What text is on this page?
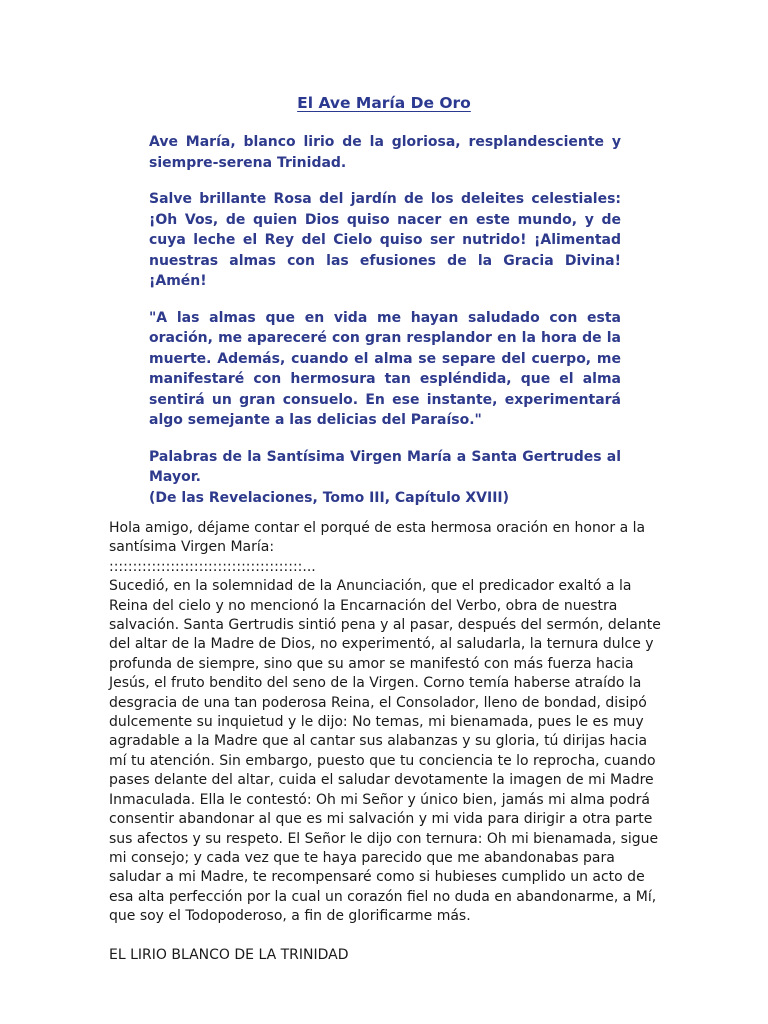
El Ave María De Oro

Ave María, blanco lirio de la gloriosa, resplandesciente y siempre-serena Trinidad.

Salve brillante Rosa del jardín de los deleites celestiales: ¡Oh Vos, de quien Dios quiso nacer en este mundo, y de cuya leche el Rey del Cielo quiso ser nutrido! ¡Alimentad nuestras almas con las efusiones de la Gracia Divina! ¡Amén!

"A las almas que en vida me hayan saludado con esta oración, me apareceré con gran resplandor en la hora de la muerte. Además, cuando el alma se separe del cuerpo, me manifestaré con hermosura tan espléndida, que el alma sentirá un gran consuelo. En ese instante, experimentará algo semejante a las delicias del Paraíso."

Palabras de la Santísima Virgen María a Santa Gertrudes al Mayor.
(De las Revelaciones, Tomo III, Capítulo XVIII)

Hola amigo, déjame contar el porqué de esta hermosa oración en honor a la santísima Virgen María:

:::::::::::::::::::::::::::::::::::::::::...

Sucedió, en la solemnidad de la Anunciación, que el predicador exaltó a la Reina del cielo y no mencionó la Encarnación del Verbo, obra de nuestra salvación. Santa Gertrudis sintió pena y al pasar, después del sermón, delante del altar de la Madre de Dios, no experimentó, al saludarla, la ternura dulce y profunda de siempre, sino que su amor se manifestó con más fuerza hacia Jesús, el fruto bendito del seno de la Virgen. Corno temía haberse atraído la desgracia de una tan poderosa Reina, el Consolador, lleno de bondad, disipó dulcemente su inquietud y le dijo: No temas, mi bienamada, pues le es muy agradable a la Madre que al cantar sus alabanzas y su gloria, tú dirijas hacia mí tu atención. Sin embargo, puesto que tu conciencia te lo reprocha, cuando pases delante del altar, cuida el saludar devotamente la imagen de mi Madre Inmaculada. Ella le contestó: Oh mi Señor y único bien, jamás mi alma podrá consentir abandonar al que es mi salvación y mi vida para dirigir a otra parte sus afectos y su respeto. El Señor le dijo con ternura: Oh mi bienamada, sigue mi consejo; y cada vez que te haya parecido que me abandonabas para saludar a mi Madre, te recompensaré como si hubieses cumplido un acto de esa alta perfección por la cual un corazón fiel no duda en abandonarme, a Mí, que soy el Todopoderoso, a fin de glorificarme más.

EL LIRIO BLANCO DE LA TRINIDAD
